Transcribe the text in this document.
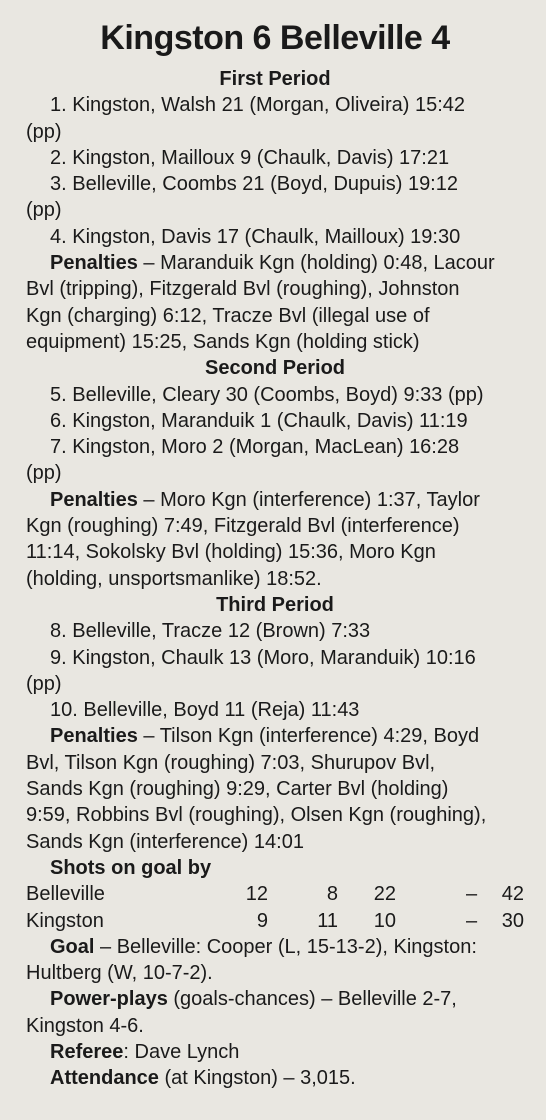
Kingston 6 Belleville 4
First Period
1. Kingston, Walsh 21 (Morgan, Oliveira) 15:42
(pp)
2. Kingston, Mailloux 9 (Chaulk, Davis) 17:21
3. Belleville, Coombs 21 (Boyd, Dupuis) 19:12
(pp)
4. Kingston, Davis 17 (Chaulk, Mailloux) 19:30
Penalties – Maranduik Kgn (holding) 0:48, Lacour
Bvl (tripping), Fitzgerald Bvl (roughing), Johnston
Kgn (charging) 6:12, Tracze Bvl (illegal use of
equipment) 15:25, Sands Kgn (holding stick)
Second Period
5. Belleville, Cleary 30 (Coombs, Boyd) 9:33 (pp)
6. Kingston, Maranduik 1 (Chaulk, Davis) 11:19
7. Kingston, Moro 2 (Morgan, MacLean) 16:28
(pp)
Penalties – Moro Kgn (interference) 1:37, Taylor
Kgn (roughing) 7:49, Fitzgerald Bvl (interference)
11:14, Sokolsky Bvl (holding) 15:36, Moro Kgn
(holding, unsportsmanlike) 18:52.
Third Period
8. Belleville, Tracze 12 (Brown) 7:33
9. Kingston, Chaulk 13 (Moro, Maranduik) 10:16
(pp)
10. Belleville, Boyd 11 (Reja) 11:43
Penalties – Tilson Kgn (interference) 4:29, Boyd
Bvl, Tilson Kgn (roughing) 7:03, Shurupov Bvl,
Sands Kgn (roughing) 9:29, Carter Bvl (holding)
9:59, Robbins Bvl (roughing), Olsen Kgn (roughing),
Sands Kgn (interference) 14:01
Shots on goal by
Belleville	12	8	22	– 42
Kingston	9	11	10	– 30
Goal – Belleville: Cooper (L, 15-13-2), Kingston:
Hultberg (W, 10-7-2).
Power-plays (goals-chances) – Belleville 2-7,
Kingston 4-6.
Referee: Dave Lynch
Attendance (at Kingston) – 3,015.
